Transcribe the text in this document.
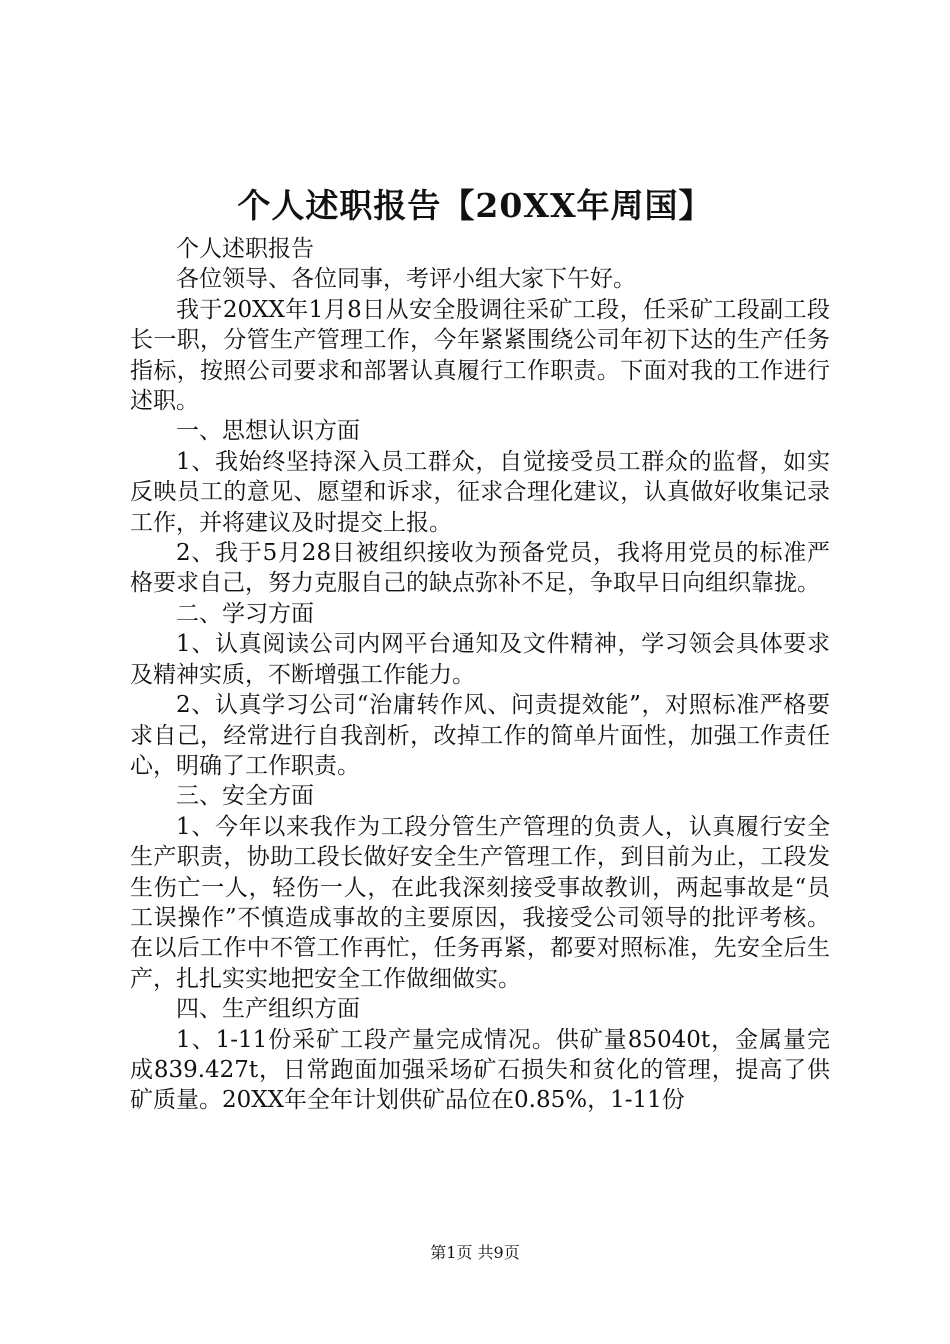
个人述职报告【20XX年周国】

个人述职报告

各位领导、各位同事，考评小组大家下午好。

我于20XX年1月8日从安全股调往采矿工段，任采矿工段副工段长一职，分管生产管理工作，今年紧紧围绕公司年初下达的生产任务指标，按照公司要求和部署认真履行工作职责。下面对我的工作进行述职。

一、思想认识方面

1、我始终坚持深入员工群众，自觉接受员工群众的监督，如实反映员工的意见、愿望和诉求，征求合理化建议，认真做好收集记录工作，并将建议及时提交上报。

2、我于5月28日被组织接收为预备党员，我将用党员的标准严格要求自己，努力克服自己的缺点弥补不足，争取早日向组织靠拢。

二、学习方面

1、认真阅读公司内网平台通知及文件精神，学习领会具体要求及精神实质，不断增强工作能力。

2、认真学习公司“治庸转作风、问责提效能”，对照标准严格要求自己，经常进行自我剖析，改掉工作的简单片面性，加强工作责任心，明确了工作职责。

三、安全方面

1、今年以来我作为工段分管生产管理的负责人，认真履行安全生产职责，协助工段长做好安全生产管理工作，到目前为止，工段发生伤亡一人，轻伤一人，在此我深刻接受事故教训，两起事故是“员工误操作”不慎造成事故的主要原因，我接受公司领导的批评考核。在以后工作中不管工作再忙，任务再紧，都要对照标准，先安全后生产，扎扎实实地把安全工作做细做实。

四、生产组织方面

1、1-11份采矿工段产量完成情况。供矿量85040t，金属量完成839.427t，日常跑面加强采场矿石损失和贫化的管理，提高了供矿质量。20XX年全年计划供矿品位在0.85%，1-11份

第1页 共9页
